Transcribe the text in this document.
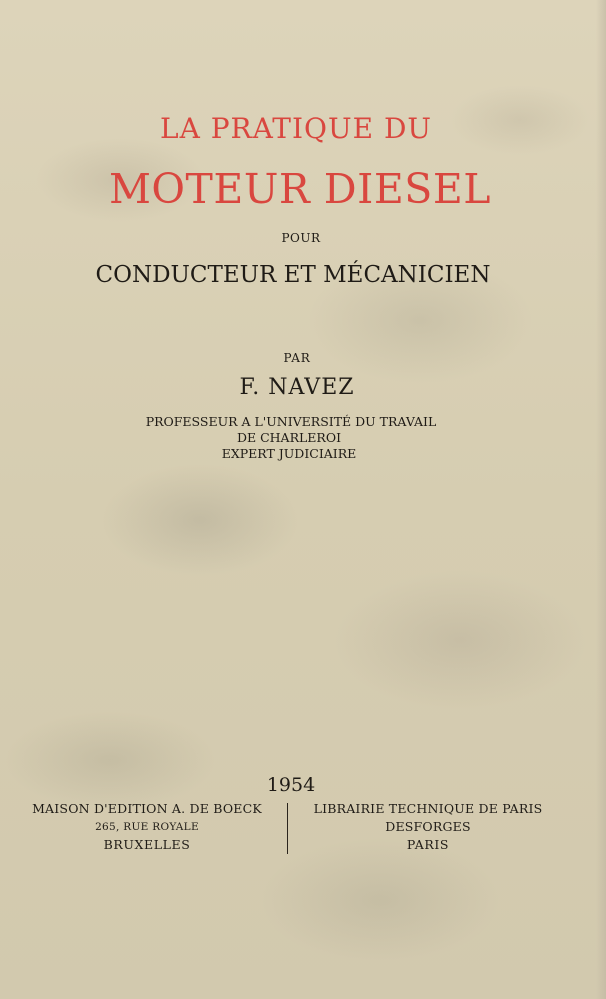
LA PRATIQUE DU
MOTEUR DIESEL
POUR
CONDUCTEUR ET MÉCANICIEN
PAR
F. NAVEZ
PROFESSEUR A L'UNIVERSITÉ DU TRAVAIL
DE CHARLEROI
EXPERT JUDICIAIRE
1954
MAISON D'EDITION A. DE BOECK
265, RUE ROYALE
BRUXELLES
LIBRAIRIE TECHNIQUE DE PARIS
DESFORGES
PARIS
